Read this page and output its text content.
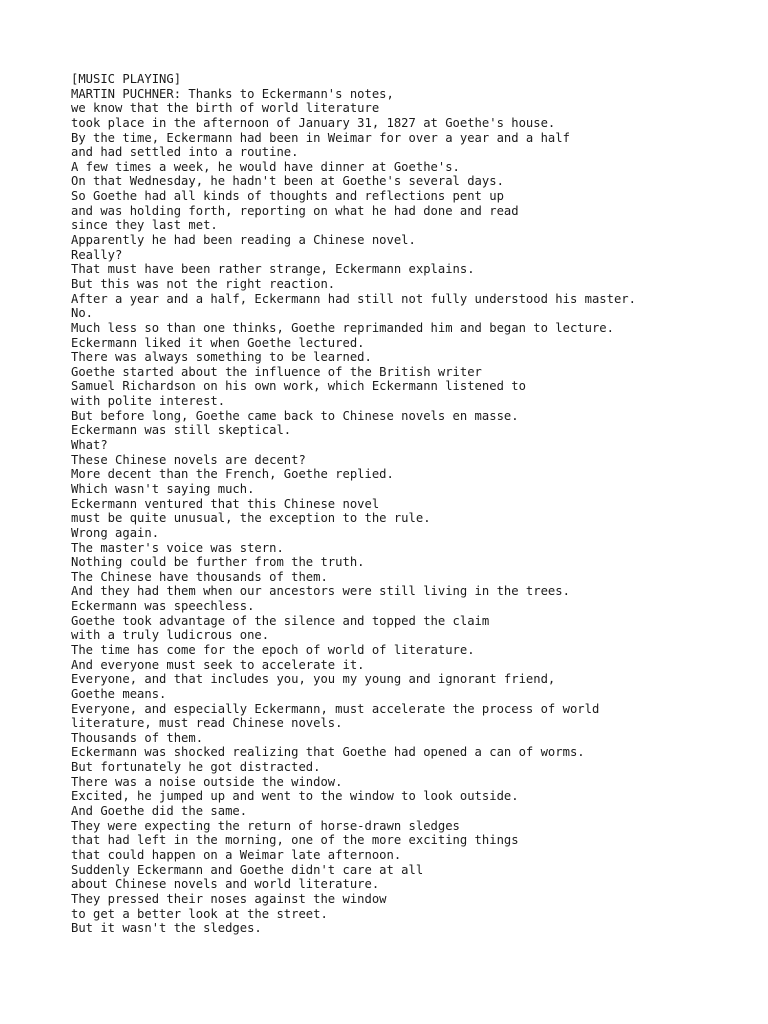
[MUSIC PLAYING]
MARTIN PUCHNER: Thanks to Eckermann's notes,
we know that the birth of world literature
took place in the afternoon of January 31, 1827 at Goethe's house.
By the time, Eckermann had been in Weimar for over a year and a half
and had settled into a routine.
A few times a week, he would have dinner at Goethe's.
On that Wednesday, he hadn't been at Goethe's several days.
So Goethe had all kinds of thoughts and reflections pent up
and was holding forth, reporting on what he had done and read
since they last met.
Apparently he had been reading a Chinese novel.
Really?
That must have been rather strange, Eckermann explains.
But this was not the right reaction.
After a year and a half, Eckermann had still not fully understood his master.
No.
Much less so than one thinks, Goethe reprimanded him and began to lecture.
Eckermann liked it when Goethe lectured.
There was always something to be learned.
Goethe started about the influence of the British writer
Samuel Richardson on his own work, which Eckermann listened to
with polite interest.
But before long, Goethe came back to Chinese novels en masse.
Eckermann was still skeptical.
What?
These Chinese novels are decent?
More decent than the French, Goethe replied.
Which wasn't saying much.
Eckermann ventured that this Chinese novel
must be quite unusual, the exception to the rule.
Wrong again.
The master's voice was stern.
Nothing could be further from the truth.
The Chinese have thousands of them.
And they had them when our ancestors were still living in the trees.
Eckermann was speechless.
Goethe took advantage of the silence and topped the claim
with a truly ludicrous one.
The time has come for the epoch of world of literature.
And everyone must seek to accelerate it.
Everyone, and that includes you, you my young and ignorant friend,
Goethe means.
Everyone, and especially Eckermann, must accelerate the process of world
literature, must read Chinese novels.
Thousands of them.
Eckermann was shocked realizing that Goethe had opened a can of worms.
But fortunately he got distracted.
There was a noise outside the window.
Excited, he jumped up and went to the window to look outside.
And Goethe did the same.
They were expecting the return of horse-drawn sledges
that had left in the morning, one of the more exciting things
that could happen on a Weimar late afternoon.
Suddenly Eckermann and Goethe didn't care at all
about Chinese novels and world literature.
They pressed their noses against the window
to get a better look at the street.
But it wasn't the sledges.
